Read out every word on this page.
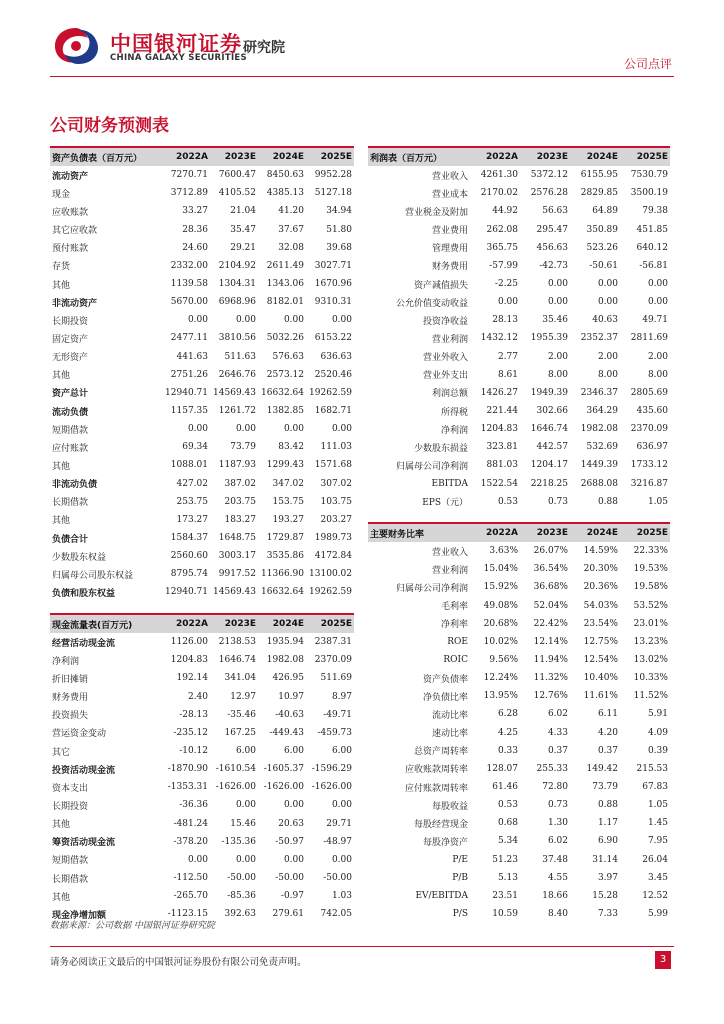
中国银河证券
CHINA GALAXY SECURITIES
研究院
公司点评
公司财务预测表
资产负债表（百万元）	2022A	2023E	2024E	2025E
流动资产	7270.71	7600.47	8450.63	9952.28
现金	3712.89	4105.52	4385.13	5127.18
应收账款	33.27	21.04	41.20	34.94
其它应收款	28.36	35.47	37.67	51.80
预付账款	24.60	29.21	32.08	39.68
存货	2332.00	2104.92	2611.49	3027.71
其他	1139.58	1304.31	1343.06	1670.96
非流动资产	5670.00	6968.96	8182.01	9310.31
长期投资	0.00	0.00	0.00	0.00
固定资产	2477.11	3810.56	5032.26	6153.22
无形资产	441.63	511.63	576.63	636.63
其他	2751.26	2646.76	2573.12	2520.46
资产总计	12940.71	14569.43	16632.64	19262.59
流动负债	1157.35	1261.72	1382.85	1682.71
短期借款	0.00	0.00	0.00	0.00
应付账款	69.34	73.79	83.42	111.03
其他	1088.01	1187.93	1299.43	1571.68
非流动负债	427.02	387.02	347.02	307.02
长期借款	253.75	203.75	153.75	103.75
其他	173.27	183.27	193.27	203.27
负债合计	1584.37	1648.75	1729.87	1989.73
少数股东权益	2560.60	3003.17	3535.86	4172.84
归属母公司股东权益	8795.74	9917.52	11366.90	13100.02
负债和股东权益	12940.71	14569.43	16632.64	19262.59
利润表（百万元）	2022A	2023E	2024E	2025E
营业收入	4261.30	5372.12	6155.95	7530.79
营业成本	2170.02	2576.28	2829.85	3500.19
营业税金及附加	44.92	56.63	64.89	79.38
营业费用	262.08	295.47	350.89	451.85
管理费用	365.75	456.63	523.26	640.12
财务费用	-57.99	-42.73	-50.61	-56.81
资产减值损失	-2.25	0.00	0.00	0.00
公允价值变动收益	0.00	0.00	0.00	0.00
投资净收益	28.13	35.46	40.63	49.71
营业利润	1432.12	1955.39	2352.37	2811.69
营业外收入	2.77	2.00	2.00	2.00
营业外支出	8.61	8.00	8.00	8.00
利润总额	1426.27	1949.39	2346.37	2805.69
所得税	221.44	302.66	364.29	435.60
净利润	1204.83	1646.74	1982.08	2370.09
少数股东损益	323.81	442.57	532.69	636.97
归属母公司净利润	881.03	1204.17	1449.39	1733.12
EBITDA	1522.54	2218.25	2688.08	3216.87
EPS（元）	0.53	0.73	0.88	1.05
主要财务比率	2022A	2023E	2024E	2025E
营业收入	3.63%	26.07%	14.59%	22.33%
营业利润	15.04%	36.54%	20.30%	19.53%
归属母公司净利润	15.92%	36.68%	20.36%	19.58%
毛利率	49.08%	52.04%	54.03%	53.52%
净利率	20.68%	22.42%	23.54%	23.01%
ROE	10.02%	12.14%	12.75%	13.23%
ROIC	9.56%	11.94%	12.54%	13.02%
资产负债率	12.24%	11.32%	10.40%	10.33%
净负债比率	13.95%	12.76%	11.61%	11.52%
流动比率	6.28	6.02	6.11	5.91
速动比率	4.25	4.33	4.20	4.09
总资产周转率	0.33	0.37	0.37	0.39
应收账款周转率	128.07	255.33	149.42	215.53
应付账款周转率	61.46	72.80	73.79	67.83
每股收益	0.53	0.73	0.88	1.05
每股经营现金	0.68	1.30	1.17	1.45
每股净资产	5.34	6.02	6.90	7.95
P/E	51.23	37.48	31.14	26.04
P/B	5.13	4.55	3.97	3.45
EV/EBITDA	23.51	18.66	15.28	12.52
P/S	10.59	8.40	7.33	5.99
现金流量表(百万元)	2022A	2023E	2024E	2025E
经营活动现金流	1126.00	2138.53	1935.94	2387.31
净利润	1204.83	1646.74	1982.08	2370.09
折旧摊销	192.14	341.04	426.95	511.69
财务费用	2.40	12.97	10.97	8.97
投资损失	-28.13	-35.46	-40.63	-49.71
营运资金变动	-235.12	167.25	-449.43	-459.73
其它	-10.12	6.00	6.00	6.00
投资活动现金流	-1870.90	-1610.54	-1605.37	-1596.29
资本支出	-1353.31	-1626.00	-1626.00	-1626.00
长期投资	-36.36	0.00	0.00	0.00
其他	-481.24	15.46	20.63	29.71
筹资活动现金流	-378.20	-135.36	-50.97	-48.97
短期借款	0.00	0.00	0.00	0.00
长期借款	-112.50	-50.00	-50.00	-50.00
其他	-265.70	-85.36	-0.97	1.03
现金净增加额	-1123.15	392.63	279.61	742.05
数据来源：公司数据 中国银河证券研究院
请务必阅读正文最后的中国银河证券股份有限公司免责声明。	3
